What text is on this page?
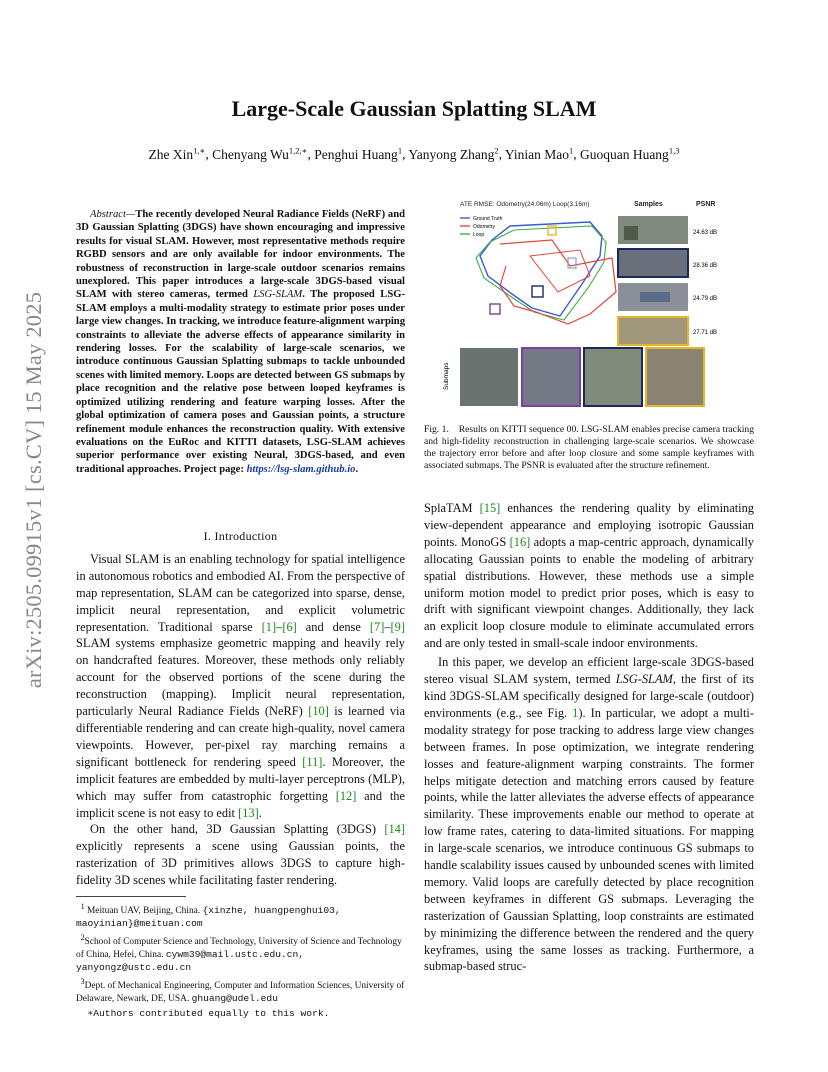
arXiv:2505.09915v1 [cs.CV] 15 May 2025
Large-Scale Gaussian Splatting SLAM
Zhe Xin$^{1,∗}$, Chenyang $Wu^{1,2,∗}$, Penghui Huang$^1$, Yanyong Zhang$^2$, Yinian Mao$^1$, Guoquan Huang$^{1,3}$

Abstract—The recently developed Neural Radiance Fields (NeRF) and 3D Gaussian Splatting (3DGS) have shown encouraging and impressive results for visual SLAM. However, most representative methods require RGBD sensors and are only available for indoor environments. The robustness of reconstruction in large-scale outdoor scenarios remains unexplored. This paper introduces a large-scale 3DGS-based visual SLAM with stereo cameras, termed LSG-SLAM. The proposed LSG-SLAM employs a multi-modality strategy to estimate prior poses under large view changes. In tracking, we introduce feature-alignment warping constraints to alleviate the adverse effects of appearance similarity in rendering losses. For the scalability of large-scale scenarios, we introduce continuous Gaussian Splatting submaps to tackle unbounded scenes with limited memory. Loops are detected between GS submaps by place recognition and the relative pose between looped keyframes is optimized utilizing rendering and feature warping losses. After the global optimization of camera poses and Gaussian points, a structure refinement module enhances the reconstruction quality. With extensive evaluations on the EuRoc and KITTI datasets, LSG-SLAM achieves superior performance over existing Neural, 3DGS-based, and even traditional approaches. Project page: https://lsg-slam.github.io.

I. Introduction

Visual SLAM is an enabling technology for spatial intelligence in autonomous robotics and embodied AI. From the perspective of map representation, SLAM can be categorized into sparse, dense, implicit neural representation, and explicit volumetric representation. Traditional sparse [1]–[6] and dense [7]–[9] SLAM systems emphasize geometric mapping and heavily rely on handcrafted features. Moreover, these methods only reliably account for the observed portions of the scene during the reconstruction (mapping). Implicit neural representation, particularly Neural Radiance Fields (NeRF) [10] is learned via differentiable rendering and can create high-quality, novel camera viewpoints. However, per-pixel ray marching remains a significant bottleneck for rendering speed [11]. Moreover, the implicit features are embedded by multi-layer perceptrons (MLP), which may suffer from catastrophic forgetting [12] and the implicit scene is not easy to edit [13].

On the other hand, 3D Gaussian Splatting (3DGS) [14] explicitly represents a scene using Gaussian points, the rasterization of 3D primitives allows 3DGS to capture high-fidelity 3D scenes while facilitating faster rendering.

$^1$ Meituan UAV, Beijing, China. {xinzhe, huangpenghui03, maoyinian}@meituan.com
$^2$School of Computer Science and Technology, University of Science and Technology of China, Hefei, China. cywm39@mail.ustc.edu.cn, yanyongz@ustc.edu.cn
$^3$Dept. of Mechanical Engineering, Computer and Information Sciences, University of Delaware, Newark, DE, USA. ghuang@udel.edu
∗Authors contributed equally to this work.
ATE RMSE: Odometry(24.06m) Loop(3.16m)	Samples	PSNR
Ground Truth
Odometry
Loop	24.63 dB
28.36 dB
24.79 dB
27.71 dB
Submaps
Fig. 1. Results on KITTI sequence 00. LSG-SLAM enables precise camera tracking and high-fidelity reconstruction in challenging large-scale scenarios. We showcase the trajectory error before and after loop closure and some sample keyframes with associated submaps. The PSNR is evaluated after the structure refinement.

SplaTAM [15] enhances the rendering quality by eliminating view-dependent appearance and employing isotropic Gaussian points. MonoGS [16] adopts a map-centric approach, dynamically allocating Gaussian points to enable the modeling of arbitrary spatial distributions. However, these methods use a simple uniform motion model to predict prior poses, which is easy to drift with significant viewpoint changes. Additionally, they lack an explicit loop closure module to eliminate accumulated errors and are only tested in small-scale indoor environments.

In this paper, we develop an efficient large-scale 3DGS-based stereo visual SLAM system, termed LSG-SLAM, the first of its kind 3DGS-SLAM specifically designed for large-scale (outdoor) environments (e.g., see Fig. 1). In particular, we adopt a multi-modality strategy for pose tracking to address large view changes between frames. In pose optimization, we integrate rendering losses and feature-alignment warping constraints. The former helps mitigate detection and matching errors caused by feature points, while the latter alleviates the adverse effects of appearance similarity. These improvements enable our method to operate at low frame rates, catering to data-limited situations. For mapping in large-scale scenarios, we introduce continuous GS submaps to handle scalability issues caused by unbounded scenes with limited memory. Valid loops are carefully detected by place recognition between keyframes in different GS submaps. Leveraging the rasterization of Gaussian Splatting, loop constraints are estimated by minimizing the difference between the rendered and the query keyframes, using the same losses as tracking. Furthermore, a submap-based struc-
